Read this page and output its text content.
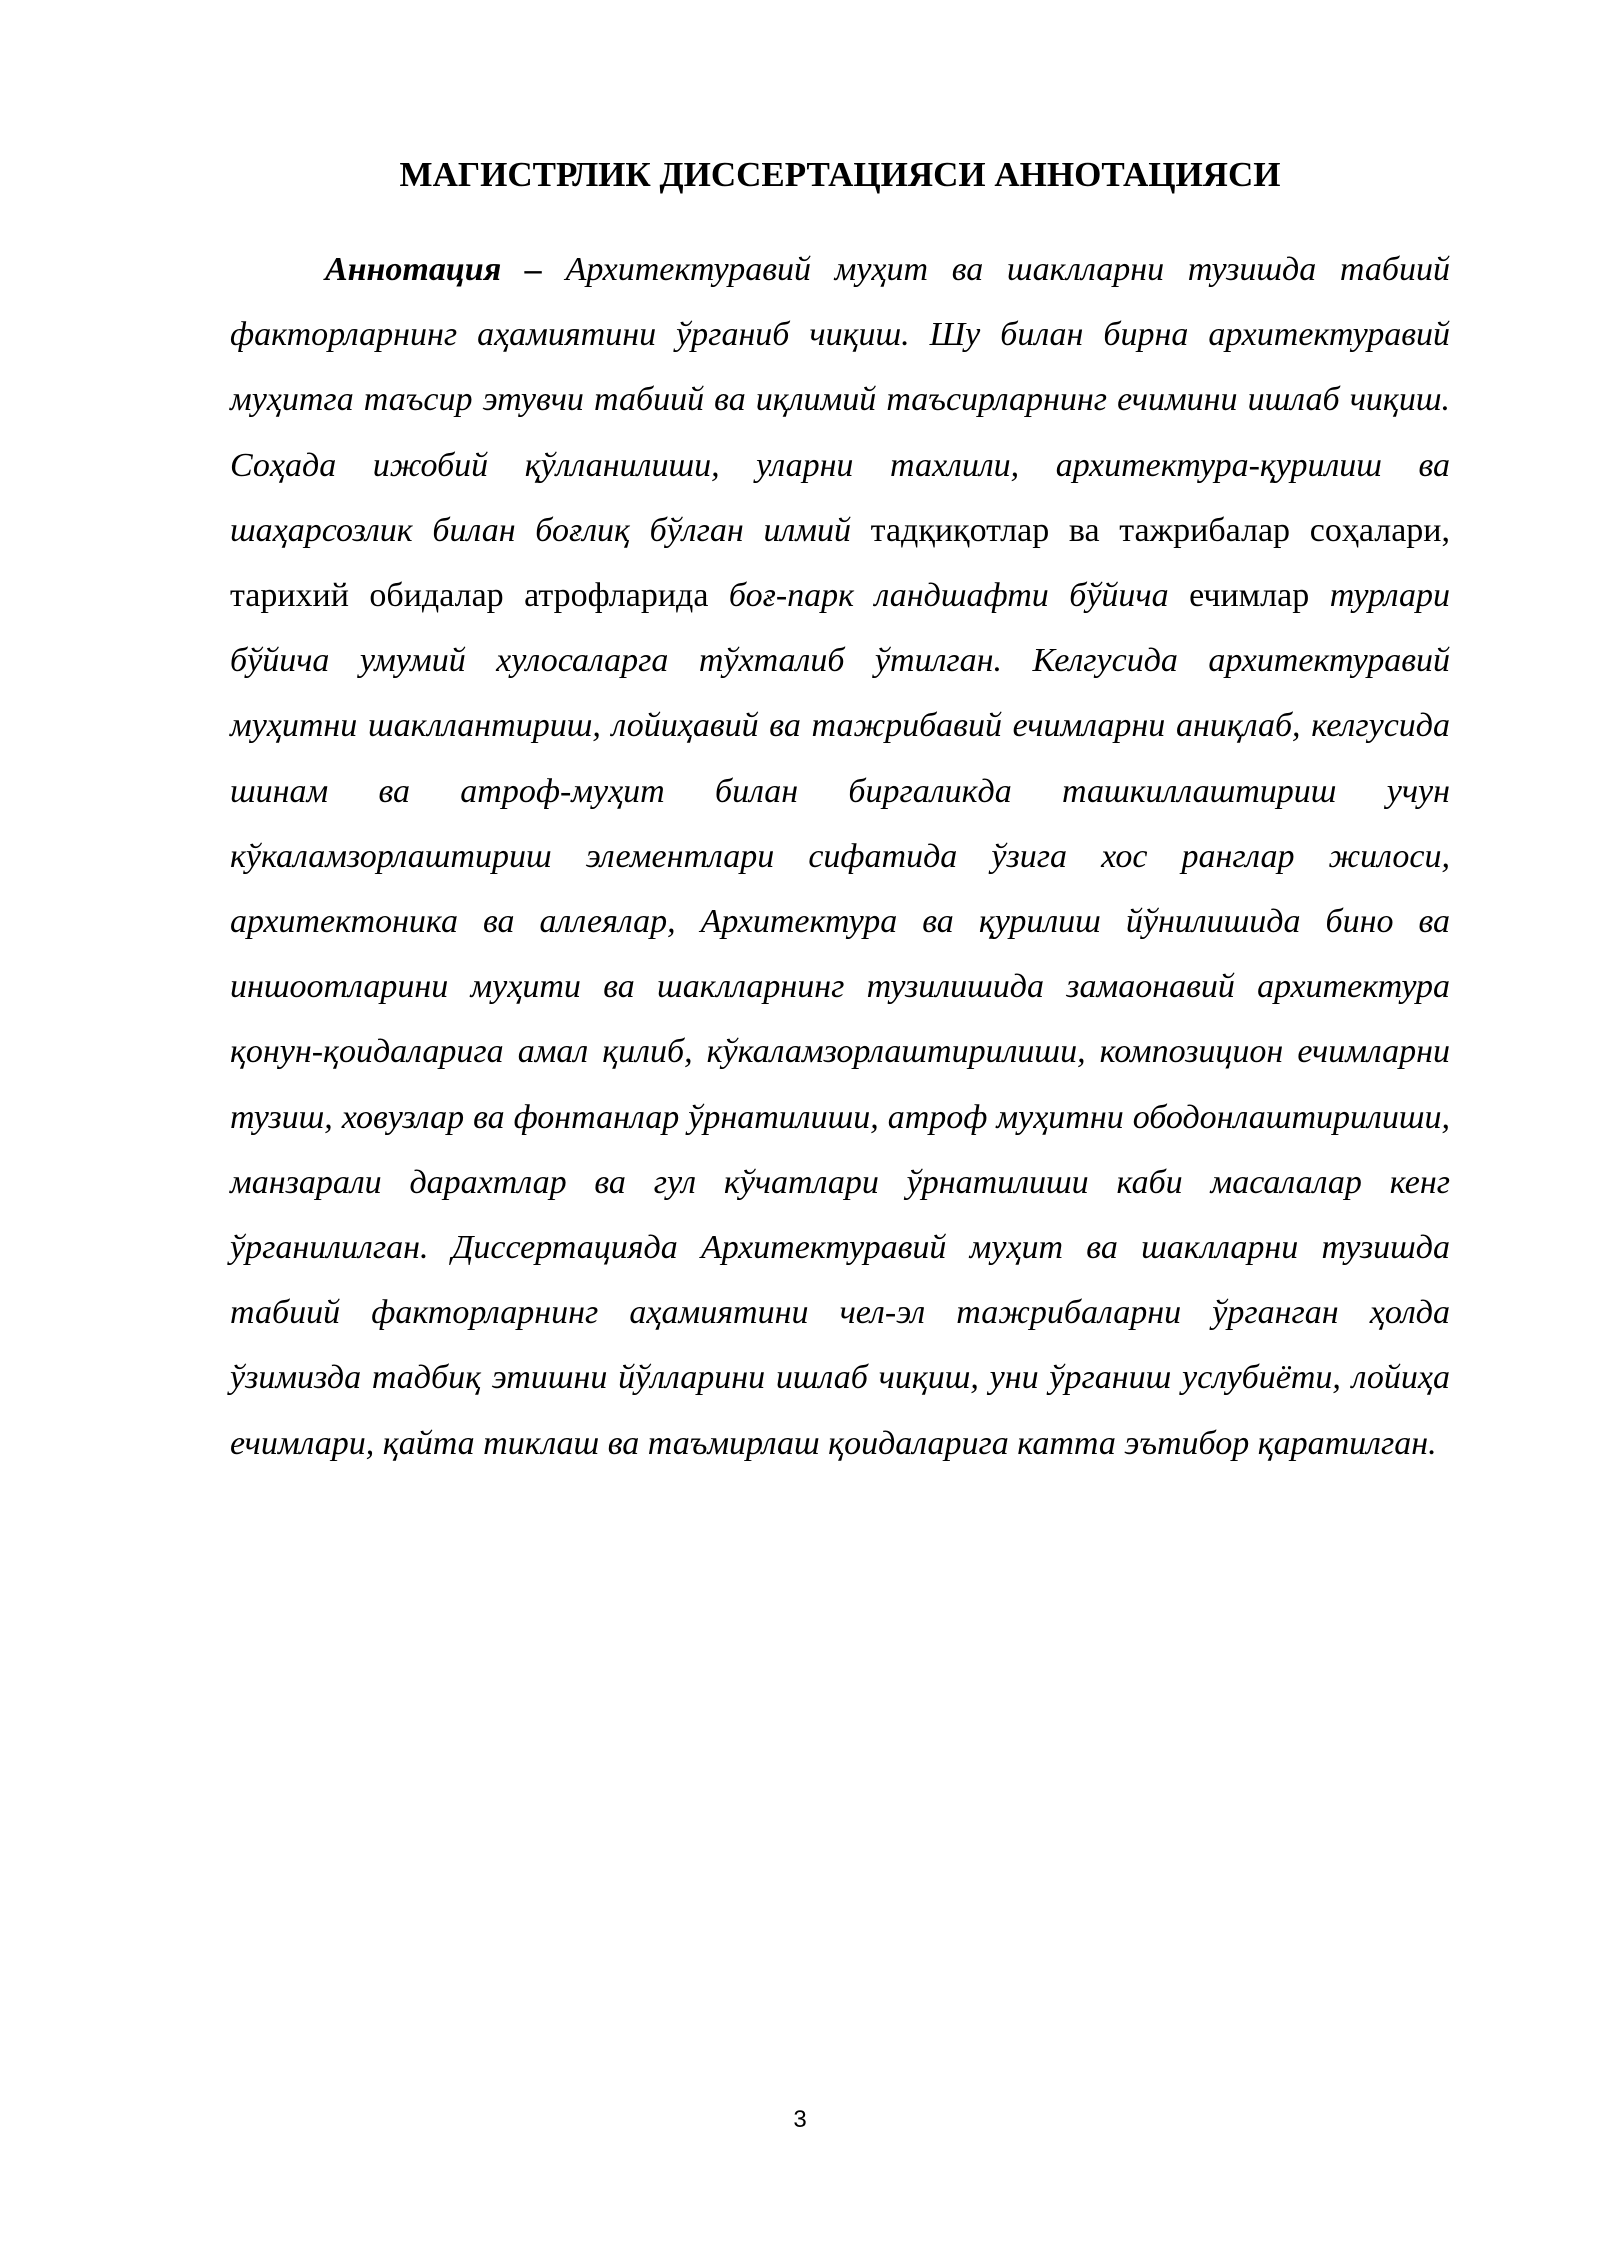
МАГИСТРЛИК ДИССЕРТАЦИЯСИ АННОТАЦИЯСИ

Аннотация – Архитектуравий муҳит ва шаклларни тузишда табиий факторларнинг аҳамиятини ўрганиб чиқиш. Шу билан бирна архитектуравий муҳитга таъсир этувчи табиий ва иқлимий таъсирларнинг ечимини ишлаб чиқиш. Соҳада ижобий қўлланилиши, уларни тахлили, архитектура-қурилиш ва шаҳарсозлик билан боғлиқ бўлган илмий тадқиқотлар ва тажрибалар соҳалари, тарихий обидалар атрофларида боғ-парк ландшафти бўйича ечимлар турлари бўйича умумий хулосаларга тўхталиб ўтилган. Келгусида архитектуравий муҳитни шакллантириш, лойиҳавий ва тажрибавий ечимларни аниқлаб, келгусида шинам ва атроф-муҳит билан биргаликда ташкиллаштириш учун кўкаламзорлаштириш элементлари сифатида ўзига хос ранглар жилоси, архитектоника ва аллеялар, Архитектура ва қурилиш йўнилишида бино ва иншоотларини муҳити ва шаклларнинг тузилишида замаонавий архитектура қонун-қоидаларига амал қилиб, кўкаламзорлаштирилиши, композицион ечимларни тузиш, ховузлар ва фонтанлар ўрнатилиши, атроф муҳитни ободонлаштирилиши, манзарали дарахтлар ва гул кўчатлари ўрнатилиши каби масалалар кенг ўрганилилган. Диссертацияда Архитектуравий муҳит ва шаклларни тузишда табиий факторларнинг аҳамиятини чел-эл тажрибаларни ўрганган ҳолда ўзимизда тадбиқ этишни йўлларини ишлаб чиқиш, уни ўрганиш услубиёти, лойиҳа ечимлари, қайта тиклаш ва таъмирлаш қоидаларига катта эътибор қаратилган.

3
